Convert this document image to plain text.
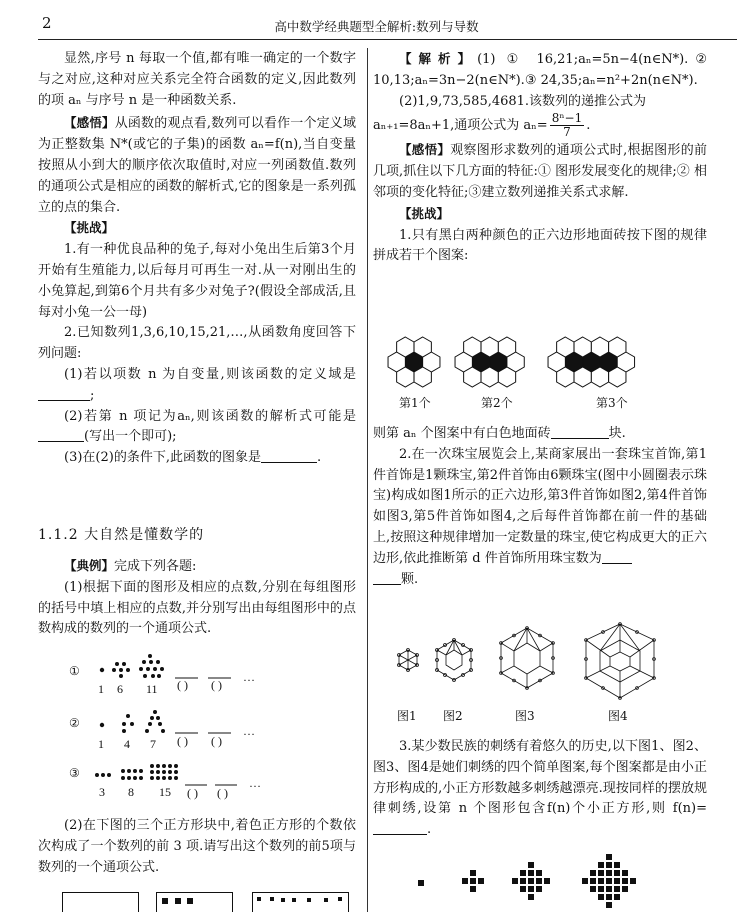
2	高中数学经典题型全解析:数列与导数

显然,序号 n 每取一个值,都有唯一确定的一个数字与之对应,这种对应关系完全符合函数的定义,因此数列的项 aₙ 与序号 n 是一种函数关系.

【感悟】从函数的观点看,数列可以看作一个定义域为正整数集 N*(或它的子集)的函数 aₙ=f(n),当自变量按照从小到大的顺序依次取值时,对应一列函数值.数列的通项公式是相应的函数的解析式,它的图象是一系列孤立的点的集合.

【挑战】

1.有一种优良品种的兔子,每对小兔出生后第3个月开始有生殖能力,以后每月可再生一对.从一对刚出生的小兔算起,到第6个月共有多少对兔子?(假设全部成活,且每对小兔一公一母)

2.已知数列1,3,6,10,15,21,…,从函数角度回答下列问题:

(1)若以项数 n 为自变量,则该函数的定义域是;

(2)若第 n 项记为aₙ,则该函数的解析式可能是(写出一个即可);

(3)在(2)的条件下,此函数的图象是	.

1.1.2 大自然是懂数学的

【典例】完成下列各题:

(1)根据下面的图形及相应的点数,分别在每组图形的括号中填上相应的点数,并分别写出由每组图形中的点数构成的数列的一个通项公式.

①
1 6 11 ( ) ( )
…
②
1 4 7 ( ) ( )
…
③
3 8 15 ( ) ( )
…

(2)在下图的三个正方形块中,着色正方形的个数依次构成了一个数列的前 3 项.请写出这个数列的前5项与数列的一个通项公式.

【解析】(1) ① 16,21;aₙ=5n−4(n∈N*).② 10,13;aₙ=3n−2(n∈N*).③ 24,35;aₙ=n²+2n(n∈N*).

(2)1,9,73,585,4681.该数列的递推公式为

aₙ₊₁=8aₙ+1,通项公式为 $a_n= \frac{\text{8ⁿ−1}}{7}$ .

【感悟】观察图形求数列的通项公式时,根据图形的前几项,抓住以下几方面的特征:① 图形发展变化的规律;② 相邻项的变化特征;③建立数列递推关系式求解.

【挑战】

1.只有黑白两种颜色的正六边形地面砖按下图的规律拼成若干个图案:

第1个	第2个	第3个

则第 aₙ 个图案中有白色地面砖	块.

2.在一次珠宝展览会上,某商家展出一套珠宝首饰,第1件首饰是1颗珠宝,第2件首饰由6颗珠宝(图中小圆圈表示珠宝)构成如图1所示的正六边形,第3件首饰如图2,第4件首饰如图3,第5件首饰如图4,之后每件首饰都在前一件的基础上,按照这种规律增加一定数量的珠宝,使它构成更大的正六边形,依此推断第 d 件首饰所用珠宝数为

颗.

图1 图2	图3	图4

3.某少数民族的刺绣有着悠久的历史,以下图1、图2、图3、图4是她们刺绣的四个简单图案,每个图案都是由小正方形构成的,小正方形数越多刺绣越漂亮.现按同样的摆放规律刺绣,设第 n 个图形包含f(n)个小正方形,则 f(n)=.
